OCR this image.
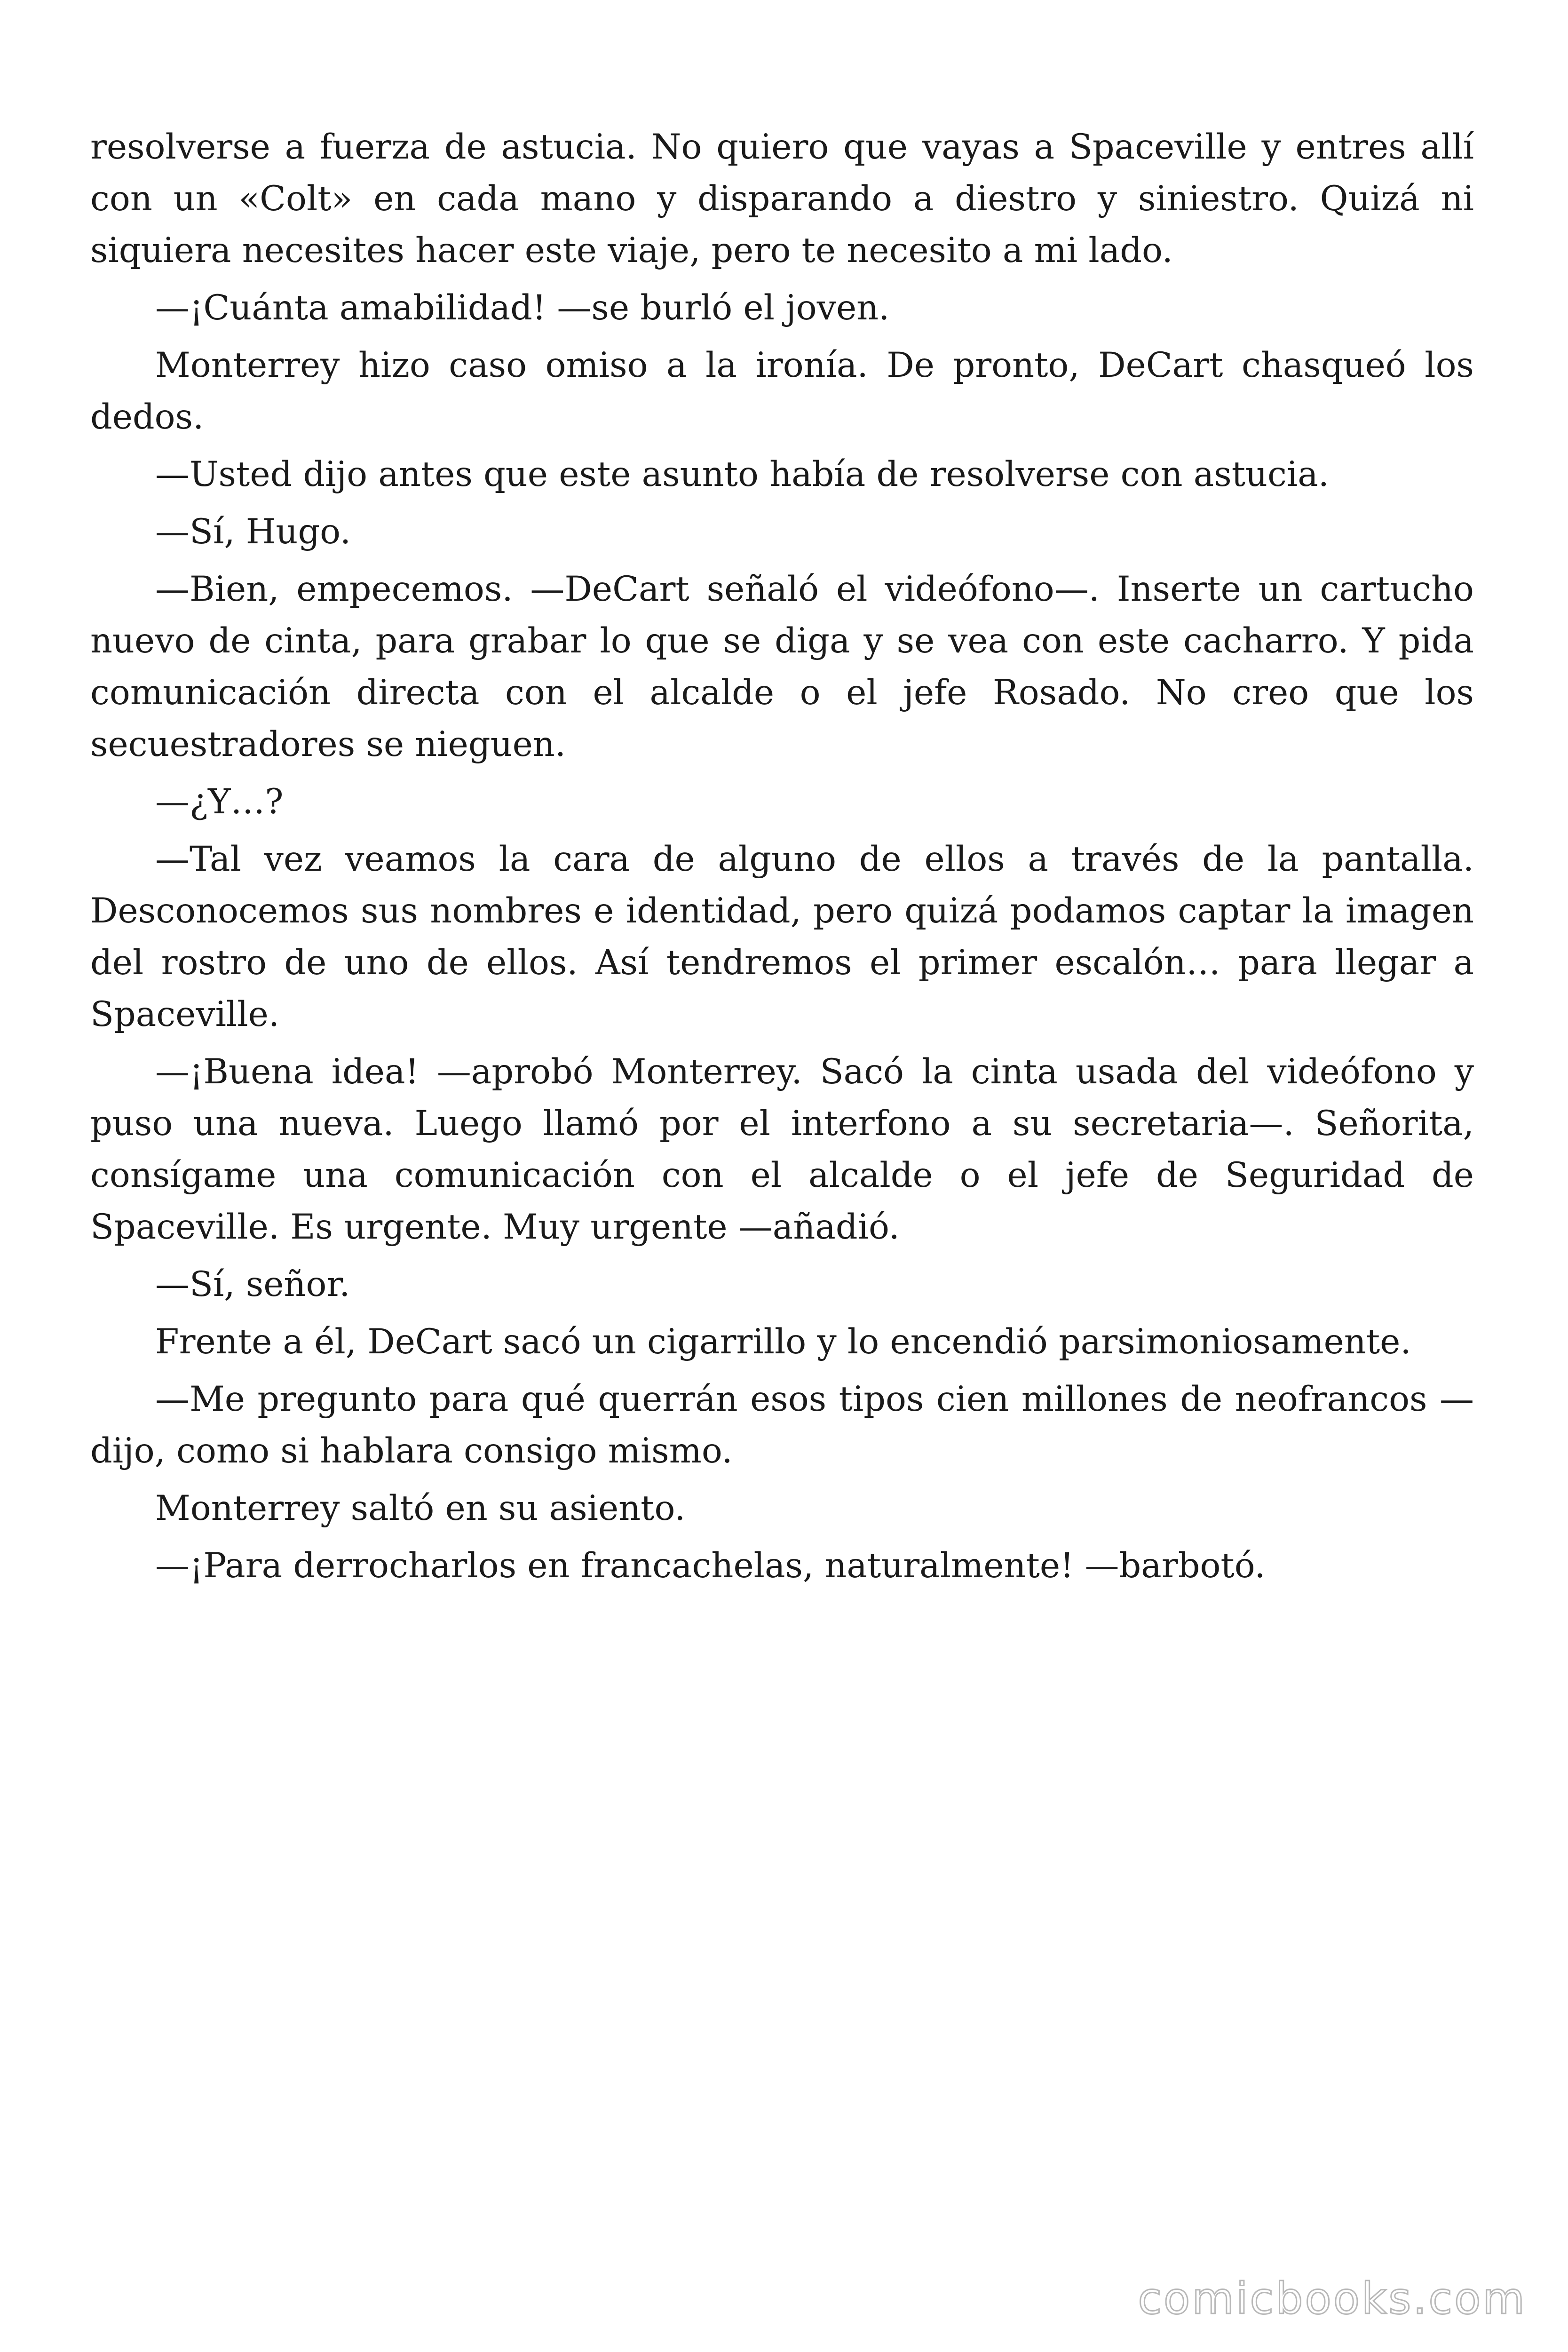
resolverse a fuerza de astucia. No quiero que vayas a Spaceville y entres allí con un «Colt» en cada mano y disparando a diestro y siniestro. Quizá ni siquiera necesites hacer este viaje, pero te necesito a mi lado.

—¡Cuánta amabilidad! —se burló el joven.

Monterrey hizo caso omiso a la ironía. De pronto, DeCart chasqueó los dedos.

—Usted dijo antes que este asunto había de resolverse con astucia.

—Sí, Hugo.

—Bien, empecemos. —DeCart señaló el videófono—. Inserte un cartucho nuevo de cinta, para grabar lo que se diga y se vea con este cacharro. Y pida comunicación directa con el alcalde o el jefe Rosado. No creo que los secuestradores se nieguen.

—¿Y…?

—Tal vez veamos la cara de alguno de ellos a través de la pantalla. Desconocemos sus nombres e identidad, pero quizá podamos captar la imagen del rostro de uno de ellos. Así tendremos el primer escalón… para llegar a Spaceville.

—¡Buena idea! —aprobó Monterrey. Sacó la cinta usada del videófono y puso una nueva. Luego llamó por el interfono a su secretaria—. Señorita, consígame una comunicación con el alcalde o el jefe de Seguridad de Spaceville. Es urgente. Muy urgente —añadió.

—Sí, señor.

Frente a él, DeCart sacó un cigarrillo y lo encendió parsimoniosamente.

—Me pregunto para qué querrán esos tipos cien millones de neofrancos —dijo, como si hablara consigo mismo.

Monterrey saltó en su asiento.

—¡Para derrocharlos en francachelas, naturalmente! —barbotó.

comicbooks.com
